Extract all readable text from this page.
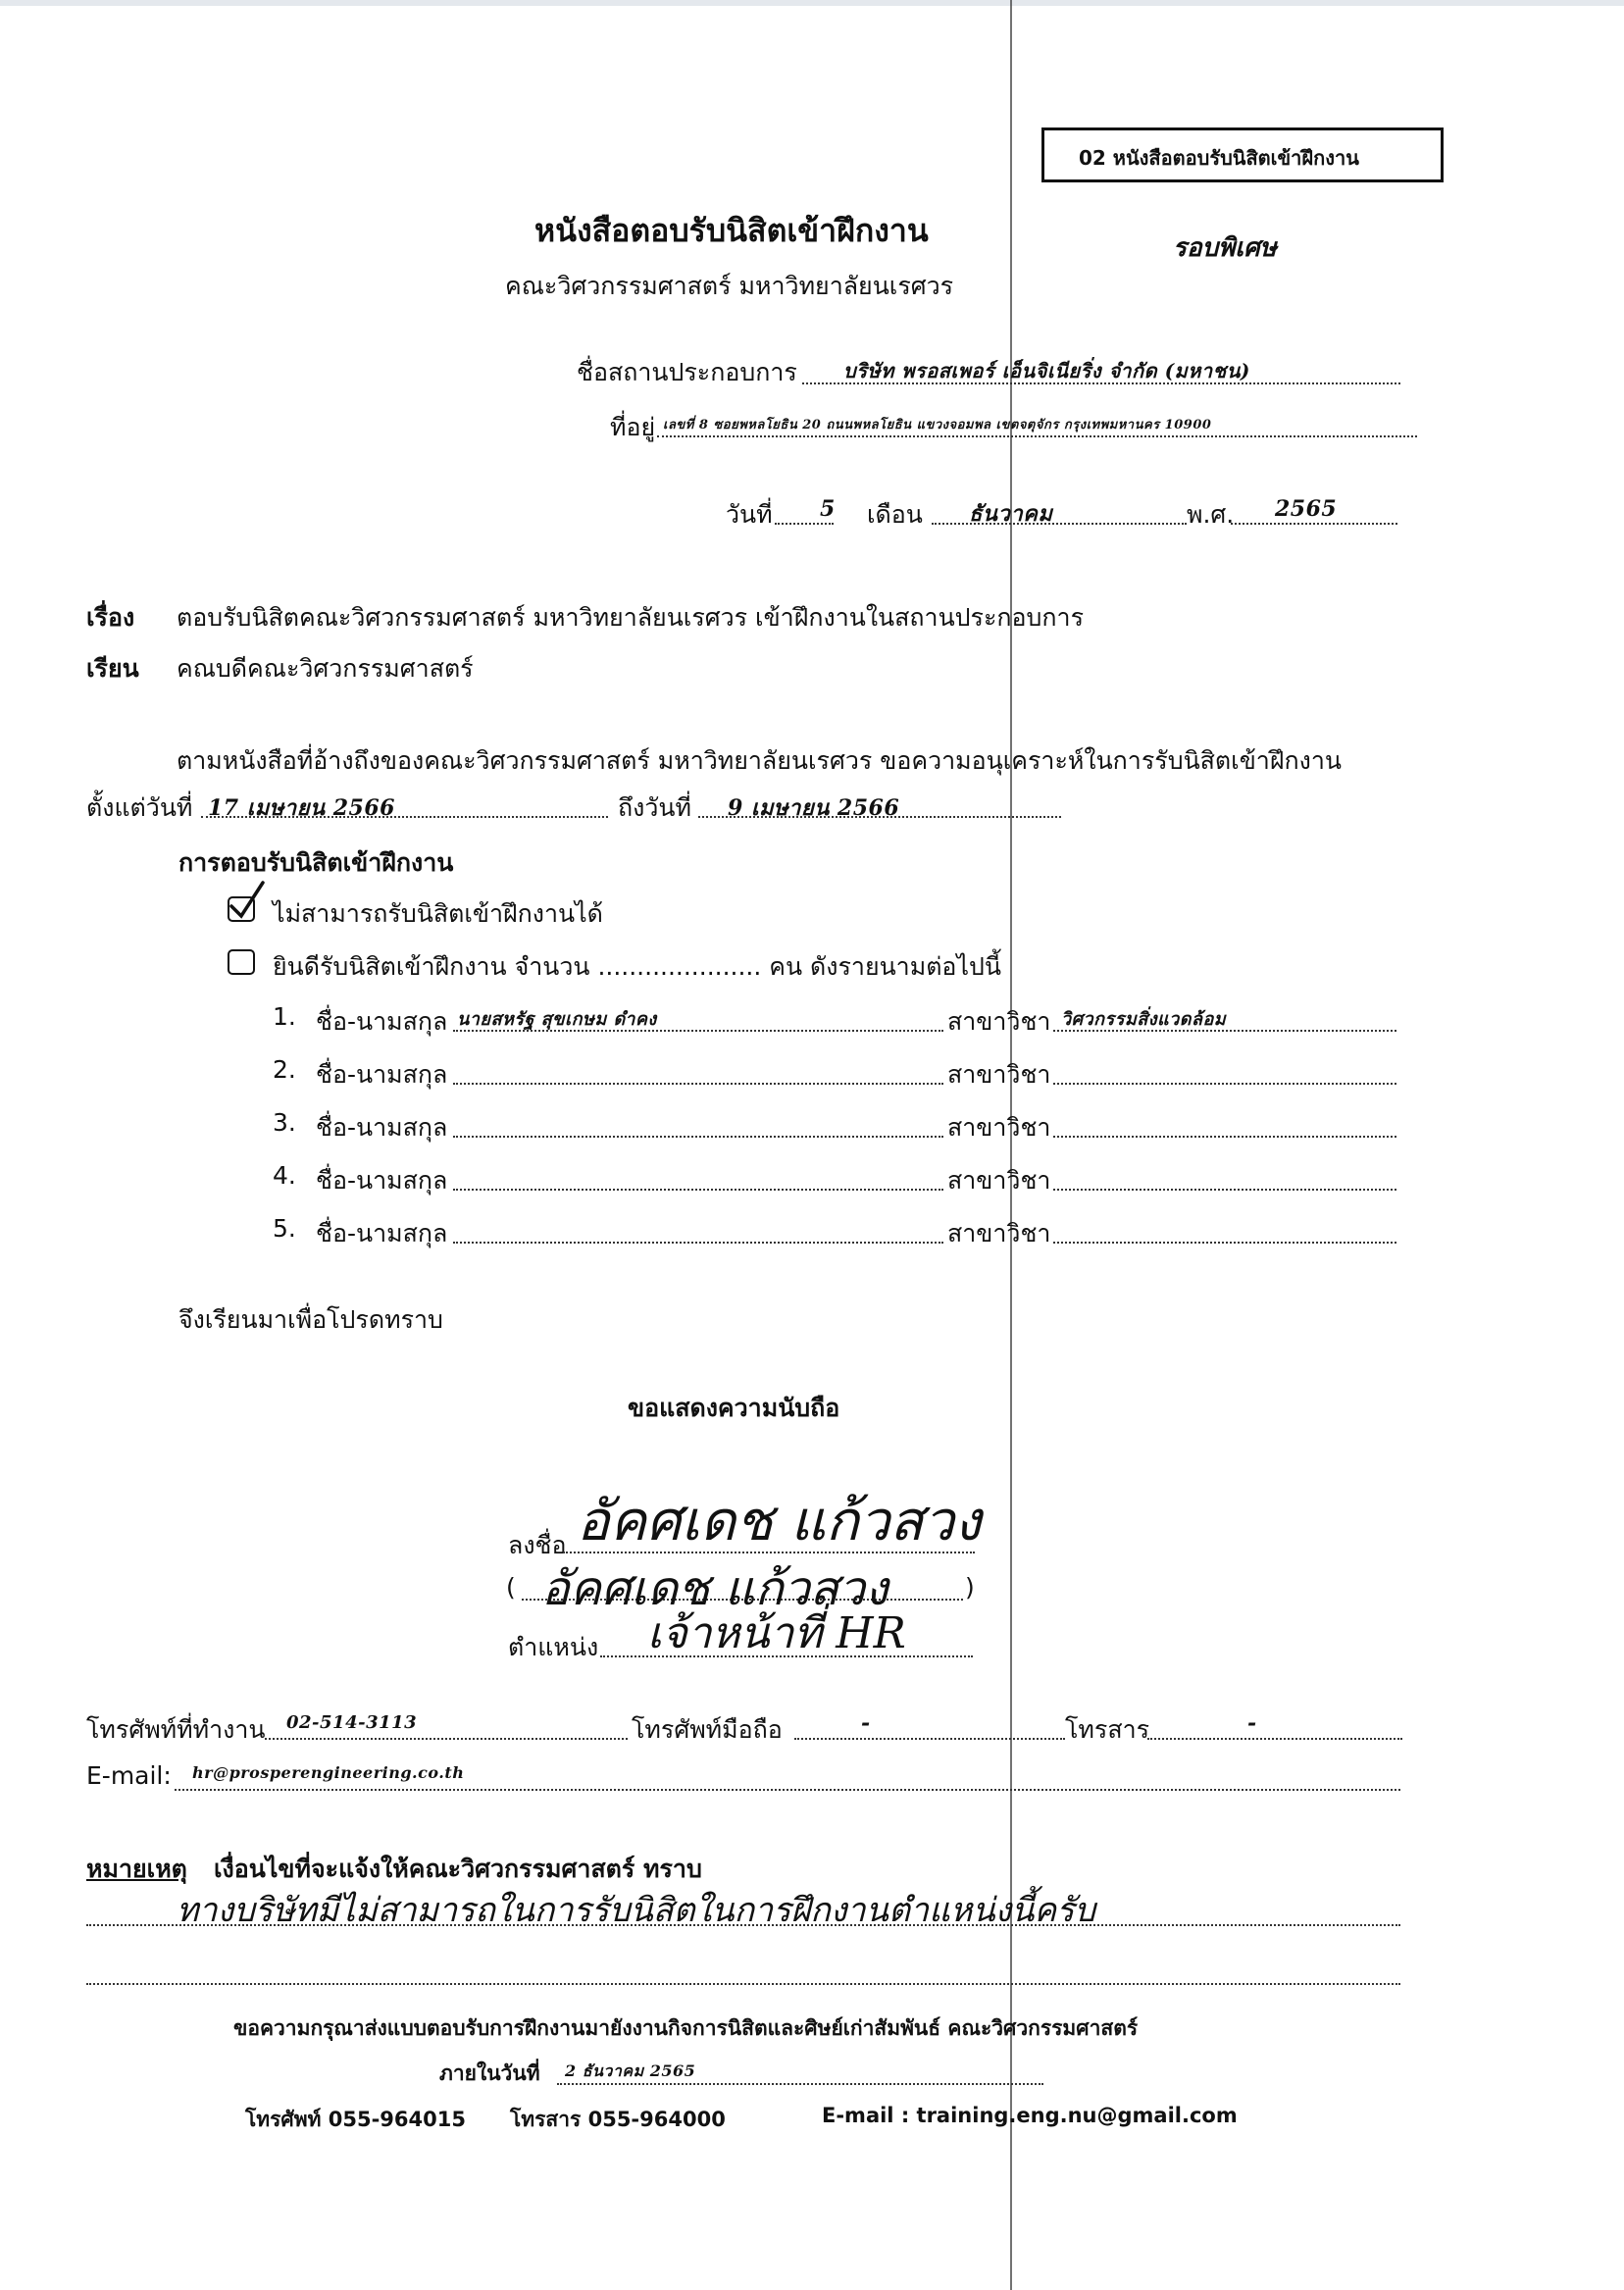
02 หนังสือตอบรับนิสิตเข้าฝึกงาน
รอบพิเศษ
หนังสือตอบรับนิสิตเข้าฝึกงาน
คณะวิศวกรรมศาสตร์ มหาวิทยาลัยนเรศวร
ชื่อสถานประกอบการ บริษัท พรอสเพอร์ เอ็นจิเนียริ่ง จำกัด (มหาชน)
ที่อยู่ เลขที่ 8 ซอยพหลโยธิน 20 ถนนพหลโยธิน แขวงจอมพล เขตจตุจักร กรุงเทพมหานคร 10900
วันที่ 5 เดือน ธันวาคม	พ.ศ. 2565
เรื่อง ตอบรับนิสิตคณะวิศวกรรมศาสตร์ มหาวิทยาลัยนเรศวร เข้าฝึกงานในสถานประกอบการ
เรียน คณบดีคณะวิศวกรรมศาสตร์
ตามหนังสือที่อ้างถึงของคณะวิศวกรรมศาสตร์ มหาวิทยาลัยนเรศวร ขอความอนุเคราะห์ในการรับนิสิตเข้าฝึกงาน
ตั้งแต่วันที่ 17 เมษายน 2566	ถึงวันที่ 9 เมษายน 2566
การตอบรับนิสิตเข้าฝึกงาน
ไม่สามารถรับนิสิตเข้าฝึกงานได้
ยินดีรับนิสิตเข้าฝึกงาน จำนวน ..................... คน ดังรายนามต่อไปนี้
1. ชื่อ-นามสกุล นายสหรัฐ สุขเกษม ดำคง	สาขาวิชา วิศวกรรมสิ่งแวดล้อม
2. ชื่อ-นามสกุล	สาขาวิชา
3. ชื่อ-นามสกุล	สาขาวิชา
4. ชื่อ-นามสกุล	สาขาวิชา
5. ชื่อ-นามสกุล	สาขาวิชา
จึงเรียนมาเพื่อโปรดทราบ
ขอแสดงความนับถือ
ลงชื่อ อัคศเดช แก้วสวง
( อัคศเดช แก้วสวง	)
ตำแหน่ง เจ้าหน้าที่ HR
โทรศัพท์ที่ทำงาน 02-514-3113	โทรศัพท์มือถือ	-	โทรสาร	-
E-mail: hr@prosperengineering.co.th
หมายเหตุ เงื่อนไขที่จะแจ้งให้คณะวิศวกรรมศาสตร์ ทราบ
ทางบริษัทมีไม่สามารถในการรับนิสิตในการฝึกงานตำแหน่งนี้ครับ
ขอความกรุณาส่งแบบตอบรับการฝึกงานมายังงานกิจการนิสิตและศิษย์เก่าสัมพันธ์ คณะวิศวกรรมศาสตร์
ภายในวันที่ 2 ธันวาคม 2565
โทรศัพท์ 055-964015 โทรสาร 055-964000	E-mail : training.eng.nu@gmail.com
